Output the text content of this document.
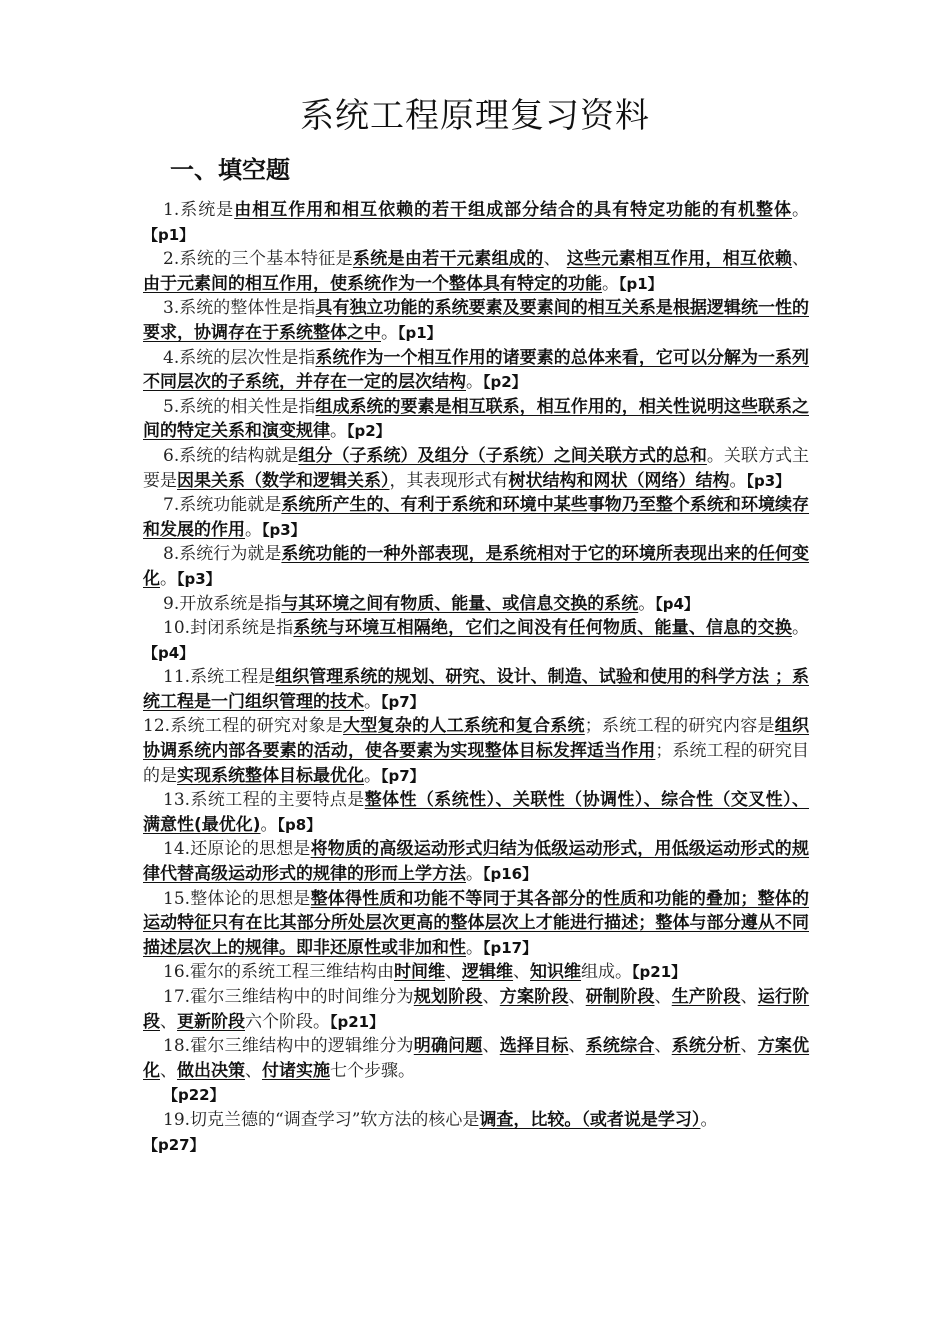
系统工程原理复习资料
一、填空题

1.系统是由相互作用和相互依赖的若干组成部分结合的具有特定功能的有机整体。【p1】

2.系统的三个基本特征是系统是由若干元素组成的、 这些元素相互作用，相互依赖、由于元素间的相互作用，使系统作为一个整体具有特定的功能。【p1】

3.系统的整体性是指具有独立功能的系统要素及要素间的相互关系是根据逻辑统一性的要求，协调存在于系统整体之中。【p1】

4.系统的层次性是指系统作为一个相互作用的诸要素的总体来看，它可以分解为一系列不同层次的子系统，并存在一定的层次结构。【p2】

5.系统的相关性是指组成系统的要素是相互联系，相互作用的，相关性说明这些联系之间的特定关系和演变规律。【p2】

6.系统的结构就是组分（子系统）及组分（子系统）之间关联方式的总和。关联方式主要是因果关系（数学和逻辑关系），其表现形式有树状结构和网状（网络）结构。【p3】

7.系统功能就是系统所产生的、有利于系统和环境中某些事物乃至整个系统和环境续存和发展的作用。【p3】

8.系统行为就是系统功能的一种外部表现，是系统相对于它的环境所表现出来的任何变化。【p3】

9.开放系统是指与其环境之间有物质、能量、或信息交换的系统。【p4】

10.封闭系统是指系统与环境互相隔绝，它们之间没有任何物质、能量、信息的交换。【p4】

11.系统工程是组织管理系统的规划、研究、设计、制造、试验和使用的科学方法 ；系统工程是一门组织管理的技术。【p7】

12.系统工程的研究对象是大型复杂的人工系统和复合系统；系统工程的研究内容是组织协调系统内部各要素的活动，使各要素为实现整体目标发挥适当作用；系统工程的研究目的是实现系统整体目标最优化。【p7】

13.系统工程的主要特点是整体性（系统性）、关联性（协调性）、综合性（交叉性）、 满意性(最优化)。【p8】

14.还原论的思想是将物质的高级运动形式归结为低级运动形式，用低级运动形式的规律代替高级运动形式的规律的形而上学方法。【p16】

15.整体论的思想是整体得性质和功能不等同于其各部分的性质和功能的叠加；整体的运动特征只有在比其部分所处层次更高的整体层次上才能进行描述；整体与部分遵从不同描述层次上的规律。即非还原性或非加和性。【p17】

16.霍尔的系统工程三维结构由时间维、逻辑维、知识维组成。【p21】

17.霍尔三维结构中的时间维分为规划阶段、方案阶段、研制阶段、生产阶段、运行阶段、更新阶段六个阶段。【p21】

18.霍尔三维结构中的逻辑维分为明确问题、选择目标、系统综合、系统分析、方案优化、做出决策、付诸实施七个步骤。

【p22】

19.切克兰德的“调查学习”软方法的核心是调查，比较。（或者说是学习）。

【p27】
